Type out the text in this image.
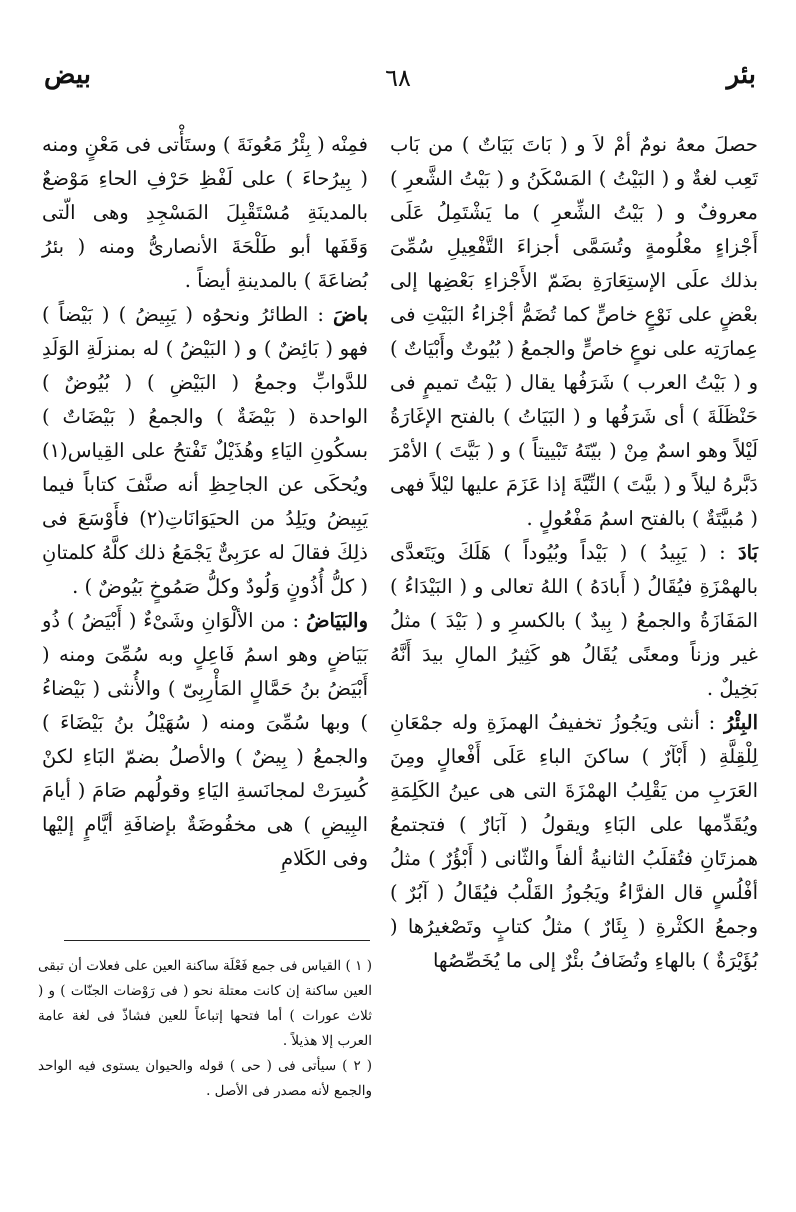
بئر
٦٨
بيض

حصلَ معهُ نومٌ أمْ لاَ و ( بَاتَ بَيَاتٌ ) من بَاب تَعِب لغةٌ و ( البَيْتُ ) المَسْكَنُ و ( بَيْتُ الشَّعرِ ) معروفٌ و ( بَيْتُ الشِّعرِ ) ما يَشْتَمِلُ عَلَى أَجْزاءٍ معْلُومةٍ وتُسَمَّى أجزاءَ التَّفْعِيلِ سُمِّىَ بذلك علَى الإستِعَارَةِ بضَمّ الأَجْزاءِ بَعْضِها إلى بعْضٍ على نَوْعٍ خاصٍّ كما تُضَمُّ أجْزاءُ البَيْتِ فى عِمارَتِه على نوعٍ خاصٍّ والجمعُ ( بُيُوتٌ وأَبْيَاتٌ ) و ( بَيْتُ العرب ) شَرَفُها يقال ( بَيْتُ تميمٍ فى حَنْظَلَةَ ) أى شَرَفُها و ( البَيَاتُ ) بالفتح الإغَارَةُ لَيْلاً وهو اسمٌ مِنْ ( بيّتَهُ تَبْييتاً ) و ( بَيَّتَ ) الأمْرَ دَبَّرهُ ليلاً و ( بيَّتَ ) النِّيَّةَ إذا عَزَمَ عليها ليْلاً فهى ( مُبيَّتَةٌ ) بالفتح اسمُ مَفْعُولٍ .

بَادَ : ( يَبِيدُ ) ( بَيْداً وبُيُوداً ) هَلَكَ ويَتَعدَّى بالهمْزَةِ فيُقَالُ ( أَبادَهُ ) اللهُ تعالى و ( البَيْدَاءُ ) المَفَازَةُ والجمعُ ( بِيدٌ ) بالكسرِ و ( بَيْدَ ) مثلُ غير وزناً ومعنًى يُقَالُ هو كَثِيرُ المالِ بيدَ أَنَّهُ بَخِيلٌ .

البِئْرُ : أنثى ويَجُوزُ تخفيفُ الهمزَةِ وله جمْعَانِ لِلْقِلَّةِ ( أَبْآرٌ ) ساكنَ الباءِ عَلَى أَفْعالٍ ومِنَ العَرَبِ من يَقْلِبُ الهمْزَةَ التى هى عينُ الكَلِمَةِ ويُقَدِّمها على البَاءِ ويقولُ ( آبَارٌ ) فتجتمعُ همزتَانِ فتُقلَبُ الثانيةُ ألفاً والثّانى ( أَبْؤُرٌ ) مثلُ أفْلُسٍ قال الفرَّاءُ ويَجُوزُ القَلْبُ فيُقَالُ ( آبُرٌ ) وجمعُ الكثْرةِ ( بِئَارٌ ) مثلُ كتابٍ وتَصْغيرُها ( بُؤَيْرَةٌ ) بالهاءِ وتُضَافُ بئْرٌ إلى ما يُخَصِّصُها

فمِنْه ( بِئْرُ مَعُونَةَ ) وستَأْتى فى مَعْنٍ ومنه ( بِيرُحاءَ ) على لَفْظِ حَرْفِ الحاءِ مَوْضعٌ بالمدينَةِ مُسْتَقْبِلَ المَسْجِدِ وهى الّتى وَقَفَها أبو طَلْحَةَ الأنصارىُّ ومنه ( بئرُ بُضاعَةَ ) بالمدينةِ أيضاً .

باضَ : الطائرُ ونحوُه ( يَبِيضُ ) ( بَيْضاً ) فهو ( بَائِضٌ ) و ( البَيْضُ ) له بمنزلَةِ الوَلَدِ للدَّوابِّ وجمعُ ( البَيْضِ ) ( بُيُوضٌ ) الواحدة ( بَيْضَةٌ ) والجمعُ ( بَيْضَاتٌ ) بسكُونِ اليَاءِ وهُذَيْلٌ تَفْتحُ على القِياس(١) ويُحكَى عن الجاحِظِ أنه صنَّفَ كتاباً فيما يَبِيضُ ويَلِدُ من الحيَوَانَاتِ(٢) فأَوْسَعَ فى ذلِكَ فقالَ له عرَبِىٌّ يَجْمَعُ ذلك كلَّهُ كلمتانِ ( كلُّ أُذُونٍ وَلُودٌ وكلُّ صَمُوخٍ بَيُوضٌ ) .

والبَيَاضُ : من الألْوَانِ وشَىْءٌ ( أَبْيَضُ ) ذُو بَيَاضٍ وهو اسمُ فَاعِلٍ وبه سُمِّىَ ومنه ( أَبْيَضُ بنُ حَمَّالٍ المَأْرِبِىّ ) والأُنثى ( بَيْضاءُ ) وبها سُمِّىَ ومنه ( سُهَيْلُ بنُ بَيْضَاءَ ) والجمعُ ( بِيضٌ ) والأصلُ بضمّ البَاءِ لكنْ كُسِرَتْ لمجانَسةِ اليَاءِ وقولُهم صَامَ ( أيامَ البِيضِ ) هى مخفُوضَةٌ بإضافَةِ أيَّامٍ إليْها وفى الكَلامِ

( ١ ) القياس فى جمع فَعْلَة ساكنة العين على فعلات أن تبقى العين ساكنة إن كانت معتلة نحو ( فى رَوْضات الجنّات ) و ( ثلاث عورات ) أما فتحها إتباعاً للعين فشاذّ فى لغة عامة العرب إلا هذيلاً .

( ٢ ) سيأتى فى ( حى ) قوله والحيوان يستوى فيه الواحد والجمع لأنه مصدر فى الأصل .
